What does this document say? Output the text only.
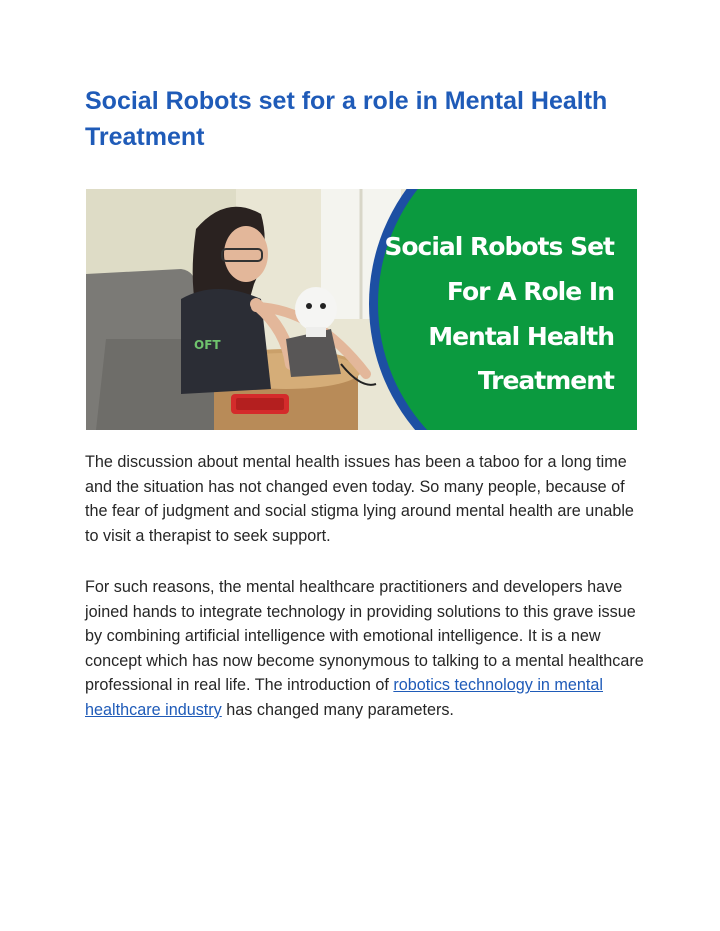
Social Robots set for a role in Mental Health Treatment
OFT
Social Robots Set
For A Role In
Mental Health
Treatment

The discussion about mental health issues has been a taboo for a long time and the situation has not changed even today. So many people, because of the fear of judgment and social stigma lying around mental health are unable to visit a therapist to seek support.

For such reasons, the mental healthcare practitioners and developers have joined hands to integrate technology in providing solutions to this grave issue by combining artificial intelligence with emotional intelligence. It is a new concept which has now become synonymous to talking to a mental healthcare professional in real life. The introduction of robotics technology in mental healthcare industry has changed many parameters.
